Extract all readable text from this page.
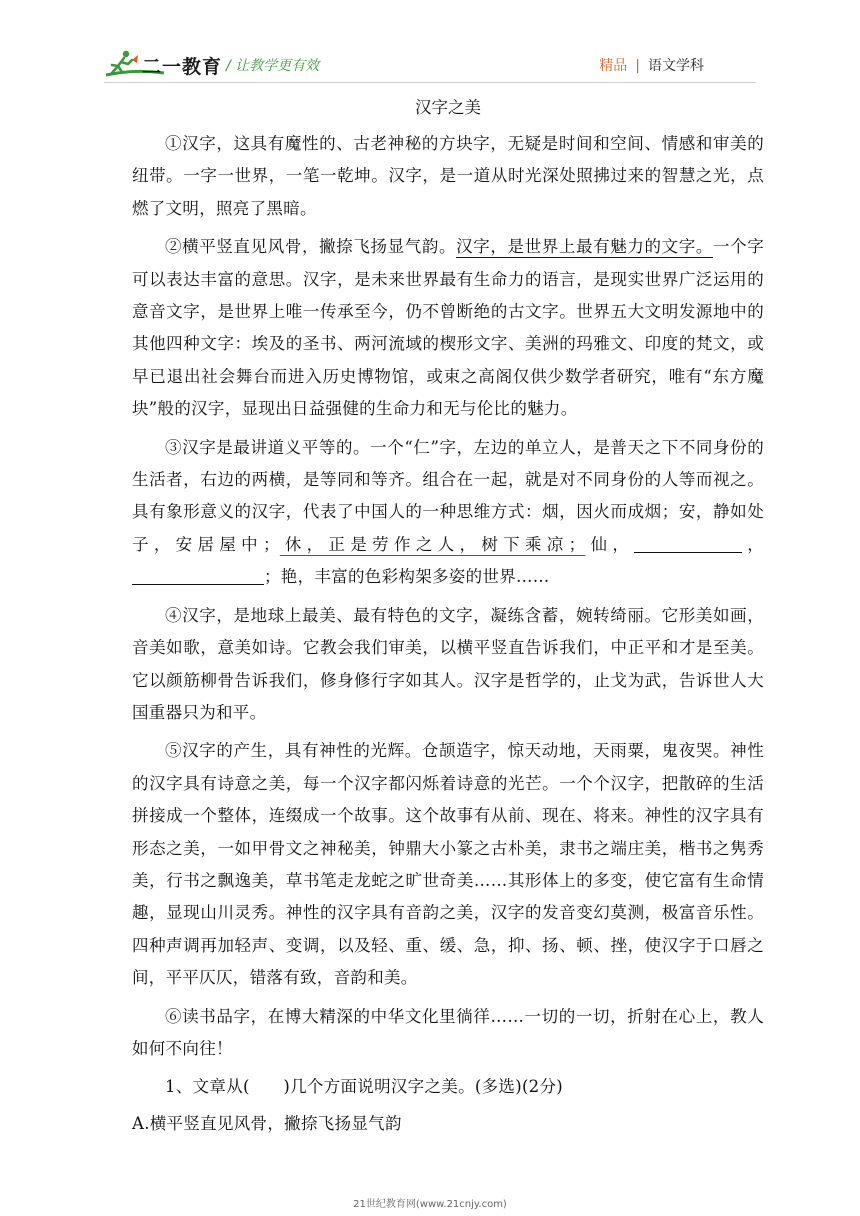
二一教育 / 让教学更有效	精品 | 语文学科

汉字之美

①汉字，这具有魔性的、古老神秘的方块字，无疑是时间和空间、情感和审美的纽带。一字一世界，一笔一乾坤。汉字，是一道从时光深处照拂过来的智慧之光，点燃了文明，照亮了黑暗。

②横平竖直见风骨，撇捺飞扬显气韵。汉字，是世界上最有魅力的文字。一个字可以表达丰富的意思。汉字，是未来世界最有生命力的语言，是现实世界广泛运用的意音文字，是世界上唯一传承至今，仍不曾断绝的古文字。世界五大文明发源地中的其他四种文字：埃及的圣书、两河流域的楔形文字、美洲的玛雅文、印度的梵文，或早已退出社会舞台而进入历史博物馆，或束之高阁仅供少数学者研究，唯有“东方魔块”般的汉字，显现出日益强健的生命力和无与伦比的魅力。

③汉字是最讲道义平等的。一个“仁”字，左边的单立人，是普天之下不同身份的生活者，右边的两横，是等同和等齐。组合在一起，就是对不同身份的人等而视之。具有象形意义的汉字，代表了中国人的一种思维方式：烟，因火而成烟；安，静如处子，安居屋中；休，正是劳作之人，树下乘凉；仙，	，；艳，丰富的色彩构架多姿的世界……

④汉字，是地球上最美、最有特色的文字，凝练含蓄，婉转绮丽。它形美如画，音美如歌，意美如诗。它教会我们审美，以横平竖直告诉我们，中正平和才是至美。它以颜筋柳骨告诉我们，修身修行字如其人。汉字是哲学的，止戈为武，告诉世人大国重器只为和平。

⑤汉字的产生，具有神性的光辉。仓颉造字，惊天动地，天雨粟，鬼夜哭。神性的汉字具有诗意之美，每一个汉字都闪烁着诗意的光芒。一个个汉字，把散碎的生活拼接成一个整体，连缀成一个故事。这个故事有从前、现在、将来。神性的汉字具有形态之美，一如甲骨文之神秘美，钟鼎大小篆之古朴美，隶书之端庄美，楷书之隽秀美，行书之飘逸美，草书笔走龙蛇之旷世奇美……其形体上的多变，使它富有生命情趣，显现山川灵秀。神性的汉字具有音韵之美，汉字的发音变幻莫测，极富音乐性。四种声调再加轻声、变调，以及轻、重、缓、急，抑、扬、顿、挫，使汉字于口唇之间，平平仄仄，错落有致，音韵和美。

⑥读书品字，在博大精深的中华文化里徜徉……一切的一切，折射在心上，教人如何不向往！

1、文章从(　　)几个方面说明汉字之美。(多选)(2分)

A.横平竖直见风骨，撇捺飞扬显气韵

21世纪教育网(www.21cnjy.com)
